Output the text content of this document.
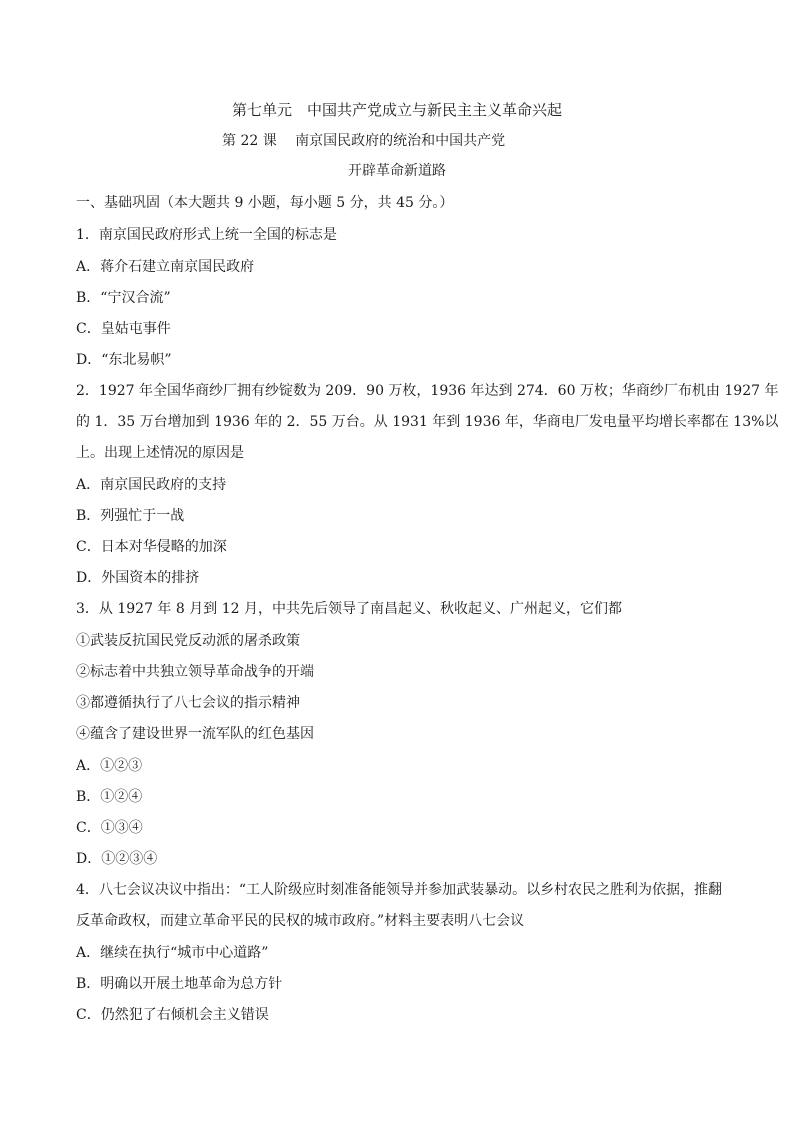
第七单元　中国共产党成立与新民主主义革命兴起
第 22 课　 南京国民政府的统治和中国共产党
开辟革命新道路
一、基础巩固（本大题共 9 小题，每小题 5 分，共 45 分。）
1．南京国民政府形式上统一全国的标志是
A．蒋介石建立南京国民政府
B．“宁汉合流”
C．皇姑屯事件
D．“东北易帜”
2．1927 年全国华商纱厂拥有纱锭数为 209．90 万枚，1936 年达到 274．60 万枚；华商纱厂布机由 1927 年
的 1．35 万台增加到 1936 年的 2．55 万台。从 1931 年到 1936 年，华商电厂发电量平均增长率都在 13%以
上。出现上述情况的原因是
A．南京国民政府的支持
B．列强忙于一战
C．日本对华侵略的加深
D．外国资本的排挤
3．从 1927 年 8 月到 12 月，中共先后领导了南昌起义、秋收起义、广州起义，它们都
①武装反抗国民党反动派的屠杀政策
②标志着中共独立领导革命战争的开端
③都遵循执行了八七会议的指示精神
④蕴含了建设世界一流军队的红色基因
A．①②③
B．①②④
C．①③④
D．①②③④
4．八七会议决议中指出：“工人阶级应时刻准备能领导并参加武装暴动。以乡村农民之胜利为依据，推翻
反革命政权，而建立革命平民的民权的城市政府。”材料主要表明八七会议
A．继续在执行“城市中心道路”
B．明确以开展土地革命为总方针
C．仍然犯了右倾机会主义错误
